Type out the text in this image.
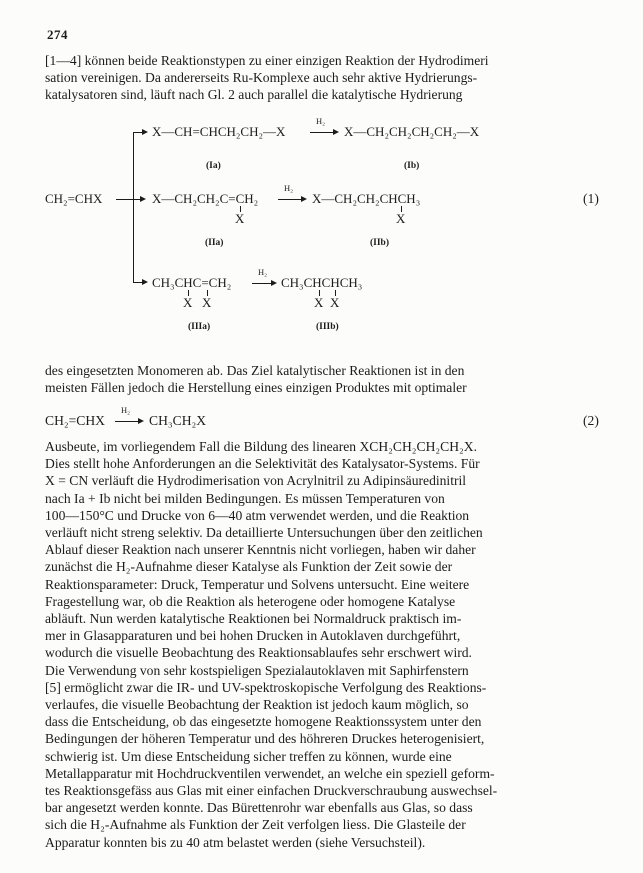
274
[1—4] können beide Reaktionstypen zu einer einzigen Reaktion der Hydrodimeri
sation vereinigen. Da andererseits Ru-Komplexe auch sehr aktive Hydrierungs-
katalysatoren sind, läuft nach Gl. 2 auch parallel die katalytische Hydrierung
CH₂=CHX
X—CH=CHCH₂CH₂—X
H₂
X—CH₂CH₂CH₂CH₂—X
(Ia)	(Ib)
X—CH₂CH₂C=CH₂
H₂
X—CH₂CH₂CHCH₃
X	X
(IIa)	(IIb)
(1)
CH₃CHC=CH₂
H₂
CH₃CHCHCH₃
X X	X X
(IIIa)	(IIIb)
des eingesetzten Monomeren ab. Das Ziel katalytischer Reaktionen ist in den
meisten Fällen jedoch die Herstellung eines einzigen Produktes mit optimaler
CH₂=CHX
H₂
CH₃CH₂X	(2)
Ausbeute, im vorliegendem Fall die Bildung des linearen XCH₂CH₂CH₂CH₂X.
Dies stellt hohe Anforderungen an die Selektivität des Katalysator-Systems. Für
X = CN verläuft die Hydrodimerisation von Acrylnitril zu Adipinsäuredinitril
nach Ia + Ib nicht bei milden Bedingungen. Es müssen Temperaturen von
100—150°C und Drucke von 6—40 atm verwendet werden, und die Reaktion
verläuft nicht streng selektiv. Da detaillierte Untersuchungen über den zeitlichen
Ablauf dieser Reaktion nach unserer Kenntnis nicht vorliegen, haben wir daher
zunächst die H₂-Aufnahme dieser Katalyse als Funktion der Zeit sowie der
Reaktionsparameter: Druck, Temperatur und Solvens untersucht. Eine weitere
Fragestellung war, ob die Reaktion als heterogene oder homogene Katalyse
abläuft. Nun werden katalytische Reaktionen bei Normaldruck praktisch im-
mer in Glasapparaturen und bei hohen Drucken in Autoklaven durchgeführt,
wodurch die visuelle Beobachtung des Reaktionsablaufes sehr erschwert wird.
Die Verwendung von sehr kostspieligen Spezialautoklaven mit Saphirfenstern
[5] ermöglicht zwar die IR- und UV-spektroskopische Verfolgung des Reaktions-
verlaufes, die visuelle Beobachtung der Reaktion ist jedoch kaum möglich, so
dass die Entscheidung, ob das eingesetzte homogene Reaktionssystem unter den
Bedingungen der höheren Temperatur und des höhreren Druckes heterogenisiert,
schwierig ist. Um diese Entscheidung sicher treffen zu können, wurde eine
Metallapparatur mit Hochdruckventilen verwendet, an welche ein speziell geform-
tes Reaktionsgefäss aus Glas mit einer einfachen Druckverschraubung auswechsel-
bar angesetzt werden konnte. Das Bürettenrohr war ebenfalls aus Glas, so dass
sich die H₂-Aufnahme als Funktion der Zeit verfolgen liess. Die Glasteile der
Apparatur konnten bis zu 40 atm belastet werden (siehe Versuchsteil).
